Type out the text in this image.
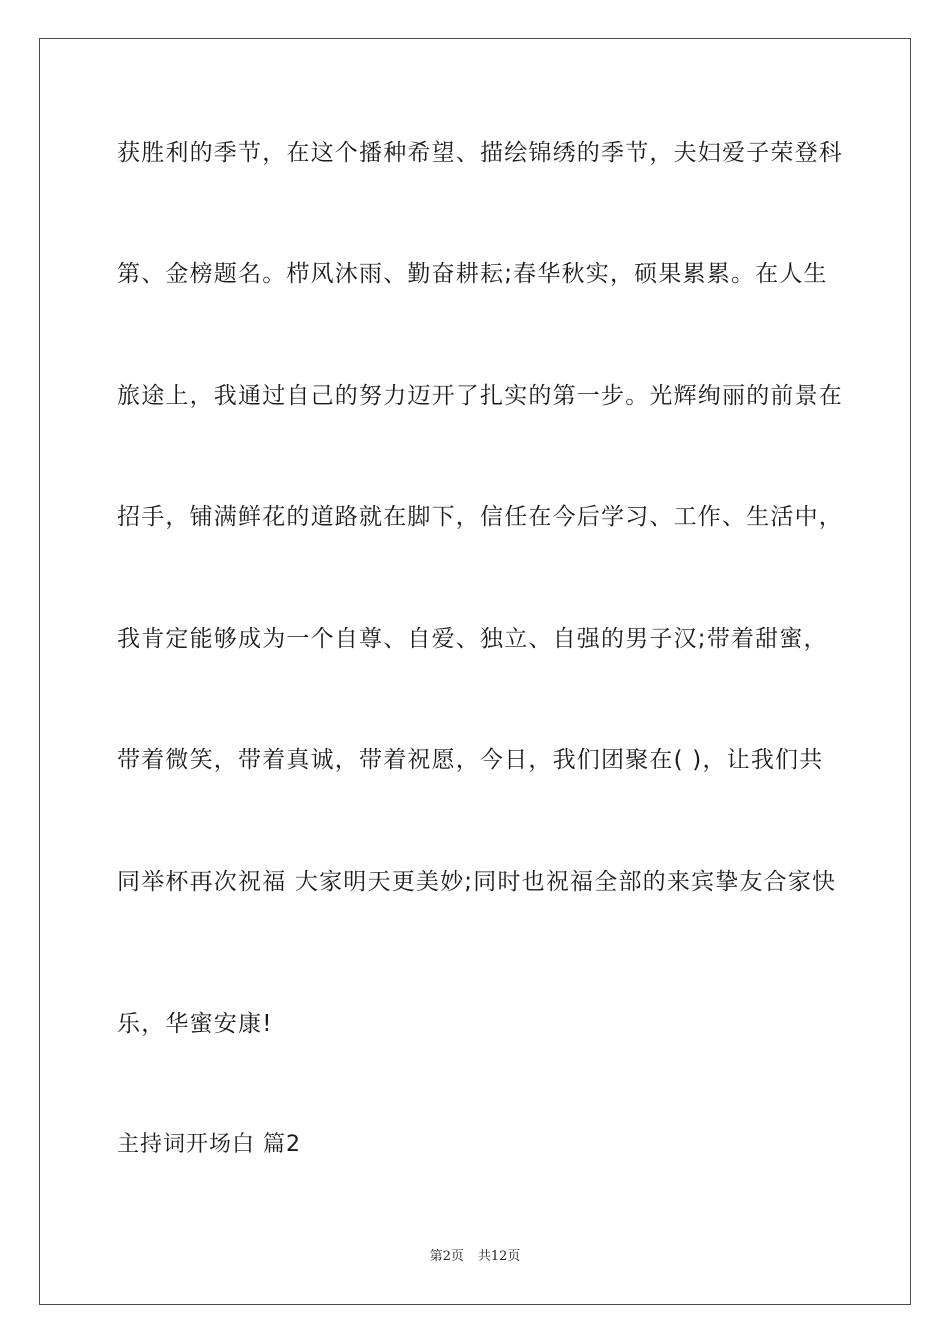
获胜利的季节，在这个播种希望、描绘锦绣的季节，夫妇爱子荣登科
第、金榜题名。栉风沐雨、勤奋耕耘;春华秋实，硕果累累。在人生
旅途上，我通过自己的努力迈开了扎实的第一步。光辉绚丽的前景在
招手，铺满鲜花的道路就在脚下，信任在今后学习、工作、生活中，
我肯定能够成为一个自尊、自爱、独立、自强的男子汉;带着甜蜜，
带着微笑，带着真诚，带着祝愿，今日，我们团聚在( )，让我们共
同举杯再次祝福 大家明天更美妙;同时也祝福全部的来宾挚友合家快
乐，华蜜安康!
主持词开场白 篇2
第2页 共12页
